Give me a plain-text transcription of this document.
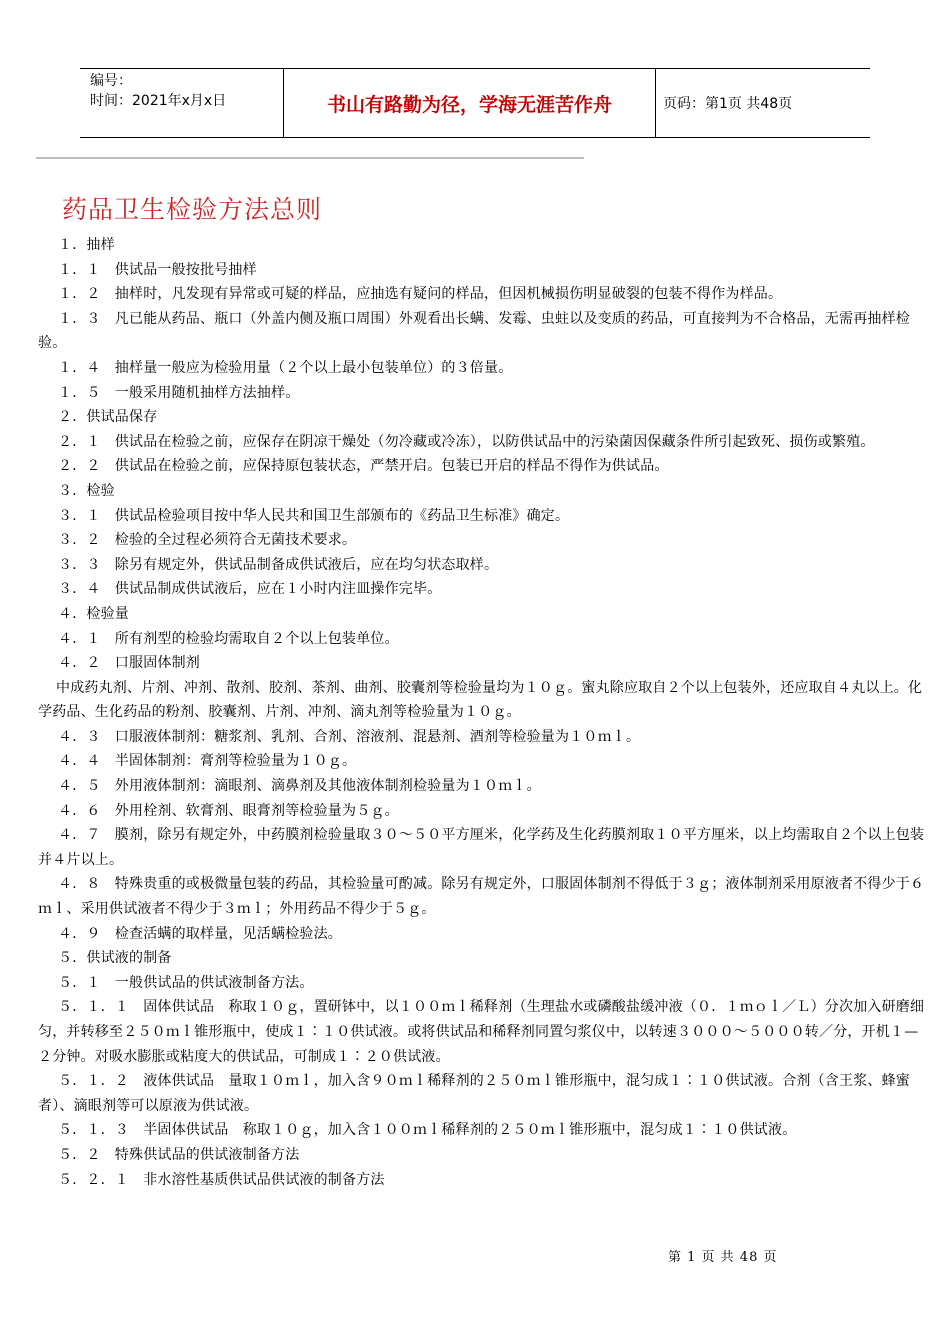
编号：
时间：2021年x月x日	书山有路勤为径，学海无涯苦作舟	页码：第1页 共48页
药品卫生检验方法总则
１．抽样
１．１　供试品一般按批号抽样
１．２　抽样时，凡发现有异常或可疑的样品，应抽选有疑问的样品，但因机械损伤明显破裂的包装不得作为样品。
１．３　凡已能从药品、瓶口（外盖内侧及瓶口周围）外观看出长螨、发霉、虫蛀以及变质的药品，可直接判为不合格品，无需再抽样检验。
１．４　抽样量一般应为检验用量（２个以上最小包装单位）的３倍量。
１．５　一般采用随机抽样方法抽样。
２．供试品保存
２．１　供试品在检验之前，应保存在阴凉干燥处（勿冷藏或冷冻），以防供试品中的污染菌因保藏条件所引起致死、损伤或繁殖。
２．２　供试品在检验之前，应保持原包装状态，严禁开启。包装已开启的样品不得作为供试品。
３．检验
３．１　供试品检验项目按中华人民共和国卫生部颁布的《药品卫生标准》确定。
３．２　检验的全过程必须符合无菌技术要求。
３．３　除另有规定外，供试品制备成供试液后，应在均匀状态取样。
３．４　供试品制成供试液后，应在１小时内注皿操作完毕。
４．检验量
４．１　所有剂型的检验均需取自２个以上包装单位。
４．２　口服固体制剂
中成药丸剂、片剂、冲剂、散剂、胶剂、茶剂、曲剂、胶囊剂等检验量均为１０ｇ。蜜丸除应取自２个以上包装外，还应取自４丸以上。化学药品、生化药品的粉剂、胶囊剂、片剂、冲剂、滴丸剂等检验量为１０ｇ。
４．３　口服液体制剂：糖浆剂、乳剂、合剂、溶液剂、混悬剂、酒剂等检验量为１０ｍｌ。
４．４　半固体制剂：膏剂等检验量为１０ｇ。
４．５　外用液体制剂：滴眼剂、滴鼻剂及其他液体制剂检验量为１０ｍｌ。
４．６　外用栓剂、软膏剂、眼膏剂等检验量为５ｇ。
４．７　膜剂，除另有规定外，中药膜剂检验量取３０～５０平方厘米，化学药及生化药膜剂取１０平方厘米，以上均需取自２个以上包装并４片以上。
４．８　特殊贵重的或极微量包装的药品，其检验量可酌减。除另有规定外，口服固体制剂不得低于３ｇ；液体制剂采用原液者不得少于６ｍｌ、采用供试液者不得少于３ｍｌ；外用药品不得少于５ｇ。
４．９　检查活螨的取样量，见活螨检验法。
５．供试液的制备
５．１　一般供试品的供试液制备方法。
５．１．１　固体供试品　称取１０ｇ，置研钵中，以１００ｍｌ稀释剂（生理盐水或磷酸盐缓冲液（０．１ｍｏｌ／Ｌ）分次加入研磨细匀，并转移至２５０ｍｌ锥形瓶中，使成１∶１０供试液。或将供试品和稀释剂同置匀浆仪中，以转速３０００～５０００转／分，开机１—２分钟。对吸水膨胀或粘度大的供试品，可制成１∶２０供试液。
５．１．２　液体供试品　量取１０ｍｌ，加入含９０ｍｌ稀释剂的２５０ｍｌ锥形瓶中，混匀成１∶１０供试液。合剂（含王浆、蜂蜜者）、滴眼剂等可以原液为供试液。
５．１．３　半固体供试品　称取１０ｇ，加入含１００ｍｌ稀释剂的２５０ｍｌ锥形瓶中，混匀成１∶１０供试液。
５．２　特殊供试品的供试液制备方法
５．２．１　非水溶性基质供试品供试液的制备方法
第 1 页 共 48 页
